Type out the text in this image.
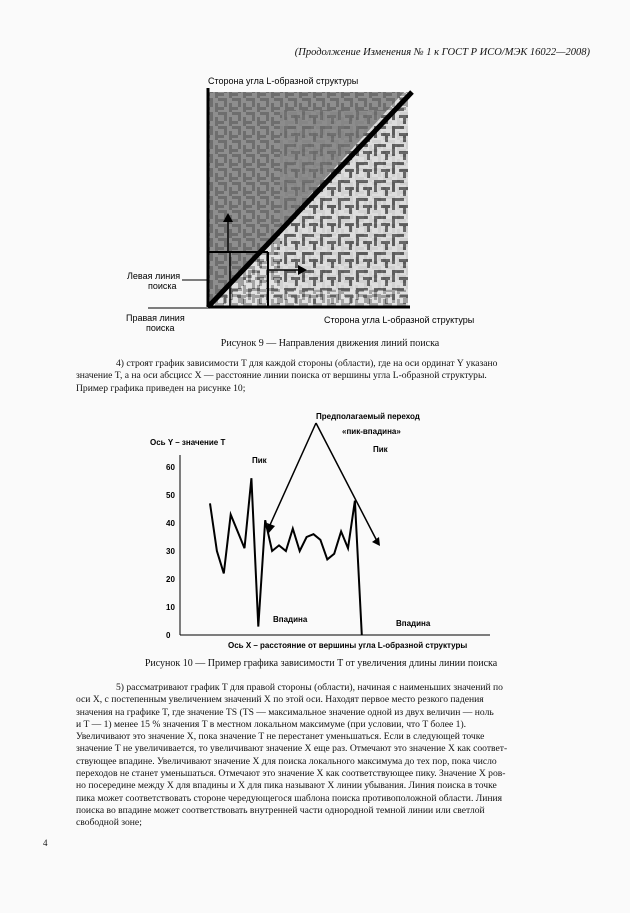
(Продолжение Изменения № 1 к ГОСТ Р ИСО/МЭК 16022—2008)
Сторона угла L-образной структуры
Левая линия
поиска
Правая линия
поиска
Сторона угла L-образной структуры
Рисунок 9 — Направления движения линий поиска

4) строят график зависимости T для каждой стороны (области), где на оси ординат Y указано

значение T, а на оси абсцисс X — расстояние линии поиска от вершины угла L-образной структуры.

Пример графика приведен на рисунке 10;

Предполагаемый переход
«пик-впадина»
Ось Y – значение T
0
10
20
30
40
50
60
Пик
Пик
Впадина	Впадина
Ось X – расстояние от вершины угла L-образной структуры
Рисунок 10 — Пример графика зависимости T от увеличения длины линии поиска

5) рассматривают график T для правой стороны (области), начиная с наименьших значений по

оси X, с постепенным увеличением значений X по этой оси. Находят первое место резкого падения

значения на графике T, где значение TS (TS — максимальное значение одной из двух величин — ноль

и T — 1) менее 15 % значения T в местном локальном максимуме (при условии, что T более 1).

Увеличивают это значение X, пока значение T не перестанет уменьшаться. Если в следующей точке

значение T не увеличивается, то увеличивают значение X еще раз. Отмечают это значение X как соответ-

ствующее впадине. Увеличивают значение X для поиска локального максимума до тех пор, пока число

переходов не станет уменьшаться. Отмечают это значение X как соответствующее пику. Значение X ров-

но посередине между X для впадины и X для пика называют X линии убывания. Линия поиска в точке

пика может соответствовать стороне чередующегося шаблона поиска противоположной области. Линия

поиска во впадине может соответствовать внутренней части однородной темной линии или светлой

свободной зоне;

4
